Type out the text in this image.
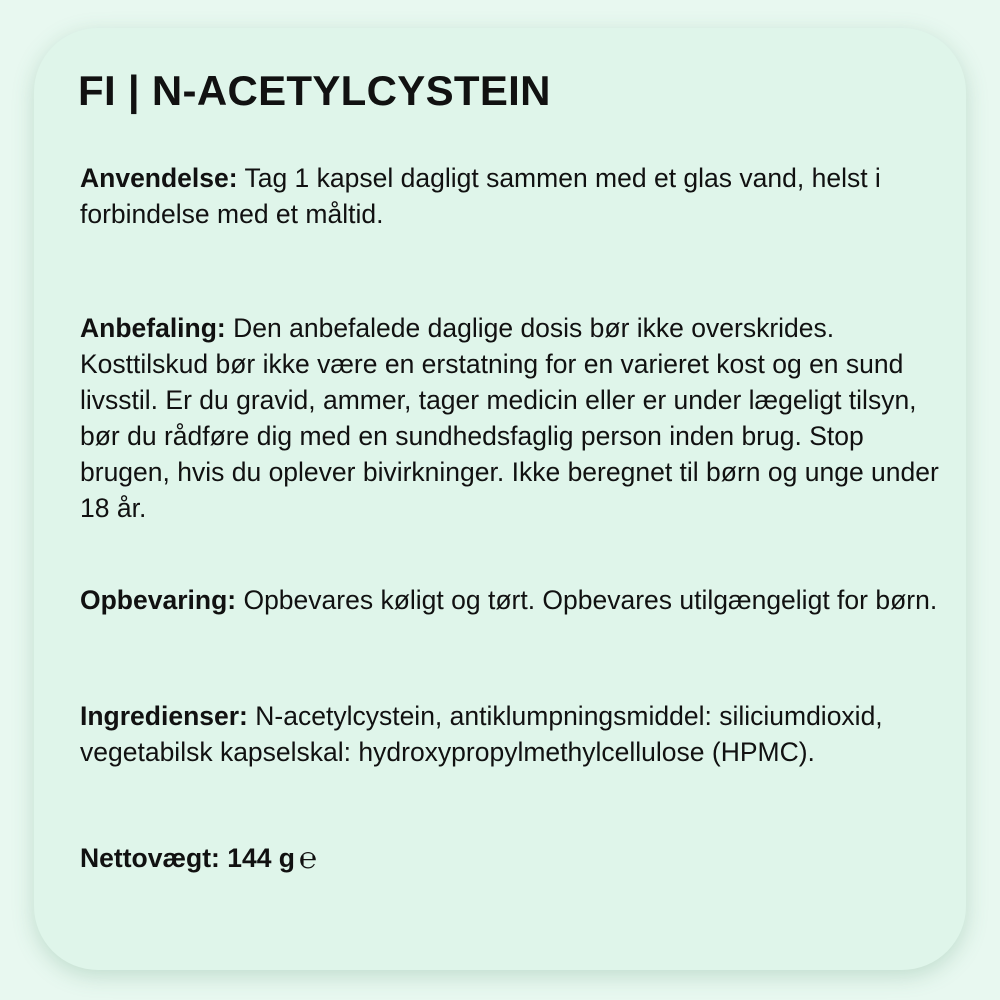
FI | N-ACETYLCYSTEIN

Anvendelse: Tag 1 kapsel dagligt sammen med et glas vand, helst i forbindelse med et måltid.

Anbefaling: Den anbefalede daglige dosis bør ikke overskrides. Kosttilskud bør ikke være en erstatning for en varieret kost og en sund livsstil. Er du gravid, ammer, tager medicin eller er under lægeligt tilsyn, bør du rådføre dig med en sundhedsfaglig person inden brug. Stop brugen, hvis du oplever bivirkninger. Ikke beregnet til børn og unge under 18 år.

Opbevaring: Opbevares køligt og tørt. Opbevares utilgængeligt for børn.

Ingredienser: N-acetylcystein, antiklumpningsmiddel: siliciumdioxid, vegetabilsk kapselskal: hydroxypropylmethylcellulose (HPMC).

Nettovægt: 144 g ℮
